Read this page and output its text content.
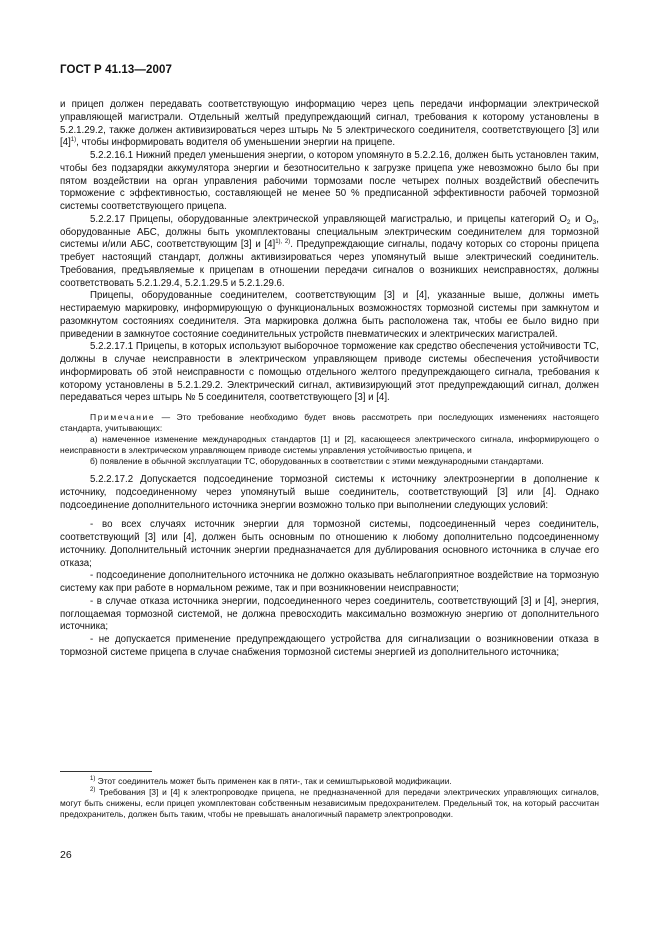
ГОСТ Р 41.13—2007

и прицеп должен передавать соответствующую информацию через цепь передачи информации электрической управляющей магистрали. Отдельный желтый предупреждающий сигнал, требования к которому установлены в 5.2.1.29.2, также должен активизироваться через штырь № 5 электрического соединителя, соответствующего [3] или $[4]^{1)}$, чтобы информировать водителя об уменьшении энергии на прицепе.

5.2.2.16.1 Нижний предел уменьшения энергии, о котором упомянуто в 5.2.2.16, должен быть установлен таким, чтобы без подзарядки аккумулятора энергии и безотносительно к загрузке прицепа уже невозможно было бы при пятом воздействии на орган управления рабочими тормозами после четырех полных воздействий обеспечить торможение с эффективностью, составляющей не менее 50 % предписанной эффективности рабочей тормозной системы соответствующего прицепа.

5.2.2.17 Прицепы, оборудованные электрической управляющей магистралью, и прицепы категорий $O_2$ и $O_3$, оборудованные АБС, должны быть укомплектованы специальным электрическим соединителем для тормозной системы и/или АБС, соответствующим [3] и $[4]^{1), 2)}$. Предупреждающие сигналы, подачу которых со стороны прицепа требует настоящий стандарт, должны активизироваться через упомянутый выше электрический соединитель. Требования, предъявляемые к прицепам в отношении передачи сигналов о возникших неисправностях, должны соответствовать 5.2.1.29.4, 5.2.1.29.5 и 5.2.1.29.6.

Прицепы, оборудованные соединителем, соответствующим [3] и [4], указанные выше, должны иметь нестираемую маркировку, информирующую о функциональных возможностях тормозной системы при замкнутом и разомкнутом состояниях соединителя. Эта маркировка должна быть расположена так, чтобы ее было видно при приведении в замкнутое состояние соединительных устройств пневматических и электрических магистралей.

5.2.2.17.1 Прицепы, в которых используют выборочное торможение как средство обеспечения устойчивости ТС, должны в случае неисправности в электрическом управляющем приводе системы обеспечения устойчивости информировать об этой неисправности с помощью отдельного желтого предупреждающего сигнала, требования к которому установлены в 5.2.1.29.2. Электрический сигнал, активизирующий этот предупреждающий сигнал, должен передаваться через штырь № 5 соединителя, соответствующего [3] и [4].

Примечание — Это требование необходимо будет вновь рассмотреть при последующих изменениях настоящего стандарта, учитывающих:

а) намеченное изменение международных стандартов [1] и [2], касающееся электрического сигнала, информирующего о неисправности в электрическом управляющем приводе системы управления устойчивостью прицепа, и

б) появление в обычной эксплуатации ТС, оборудованных в соответствии с этими международными стандартами.

5.2.2.17.2 Допускается подсоединение тормозной системы к источнику электроэнергии в дополнение к источнику, подсоединенному через упомянутый выше соединитель, соответствующий [3] или [4]. Однако подсоединение дополнительного источника энергии возможно только при выполнении следующих условий:

- во всех случаях источник энергии для тормозной системы, подсоединенный через соединитель, соответствующий [3] или [4], должен быть основным по отношению к любому дополнительно подсоединенному источнику. Дополнительный источник энергии предназначается для дублирования основного источника в случае его отказа;

- подсоединение дополнительного источника не должно оказывать неблагоприятное воздействие на тормозную систему как при работе в нормальном режиме, так и при возникновении неисправности;

- в случае отказа источника энергии, подсоединенного через соединитель, соответствующий [3] и [4], энергия, поглощаемая тормозной системой, не должна превосходить максимально возможную энергию от дополнительного источника;

- не допускается применение предупреждающего устройства для сигнализации о возникновении отказа в тормозной системе прицепа в случае снабжения тормозной системы энергией из дополнительного источника;

$^{1)}$ Этот соединитель может быть применен как в пяти-, так и семиштырьковой модификации.

$^{2)}$ Требования [3] и [4] к электропроводке прицепа, не предназначенной для передачи электрических управляющих сигналов, могут быть снижены, если прицеп укомплектован собственным независимым предохранителем. Предельный ток, на который рассчитан предохранитель, должен быть таким, чтобы не превышать аналогичный параметр электропроводки.

26
